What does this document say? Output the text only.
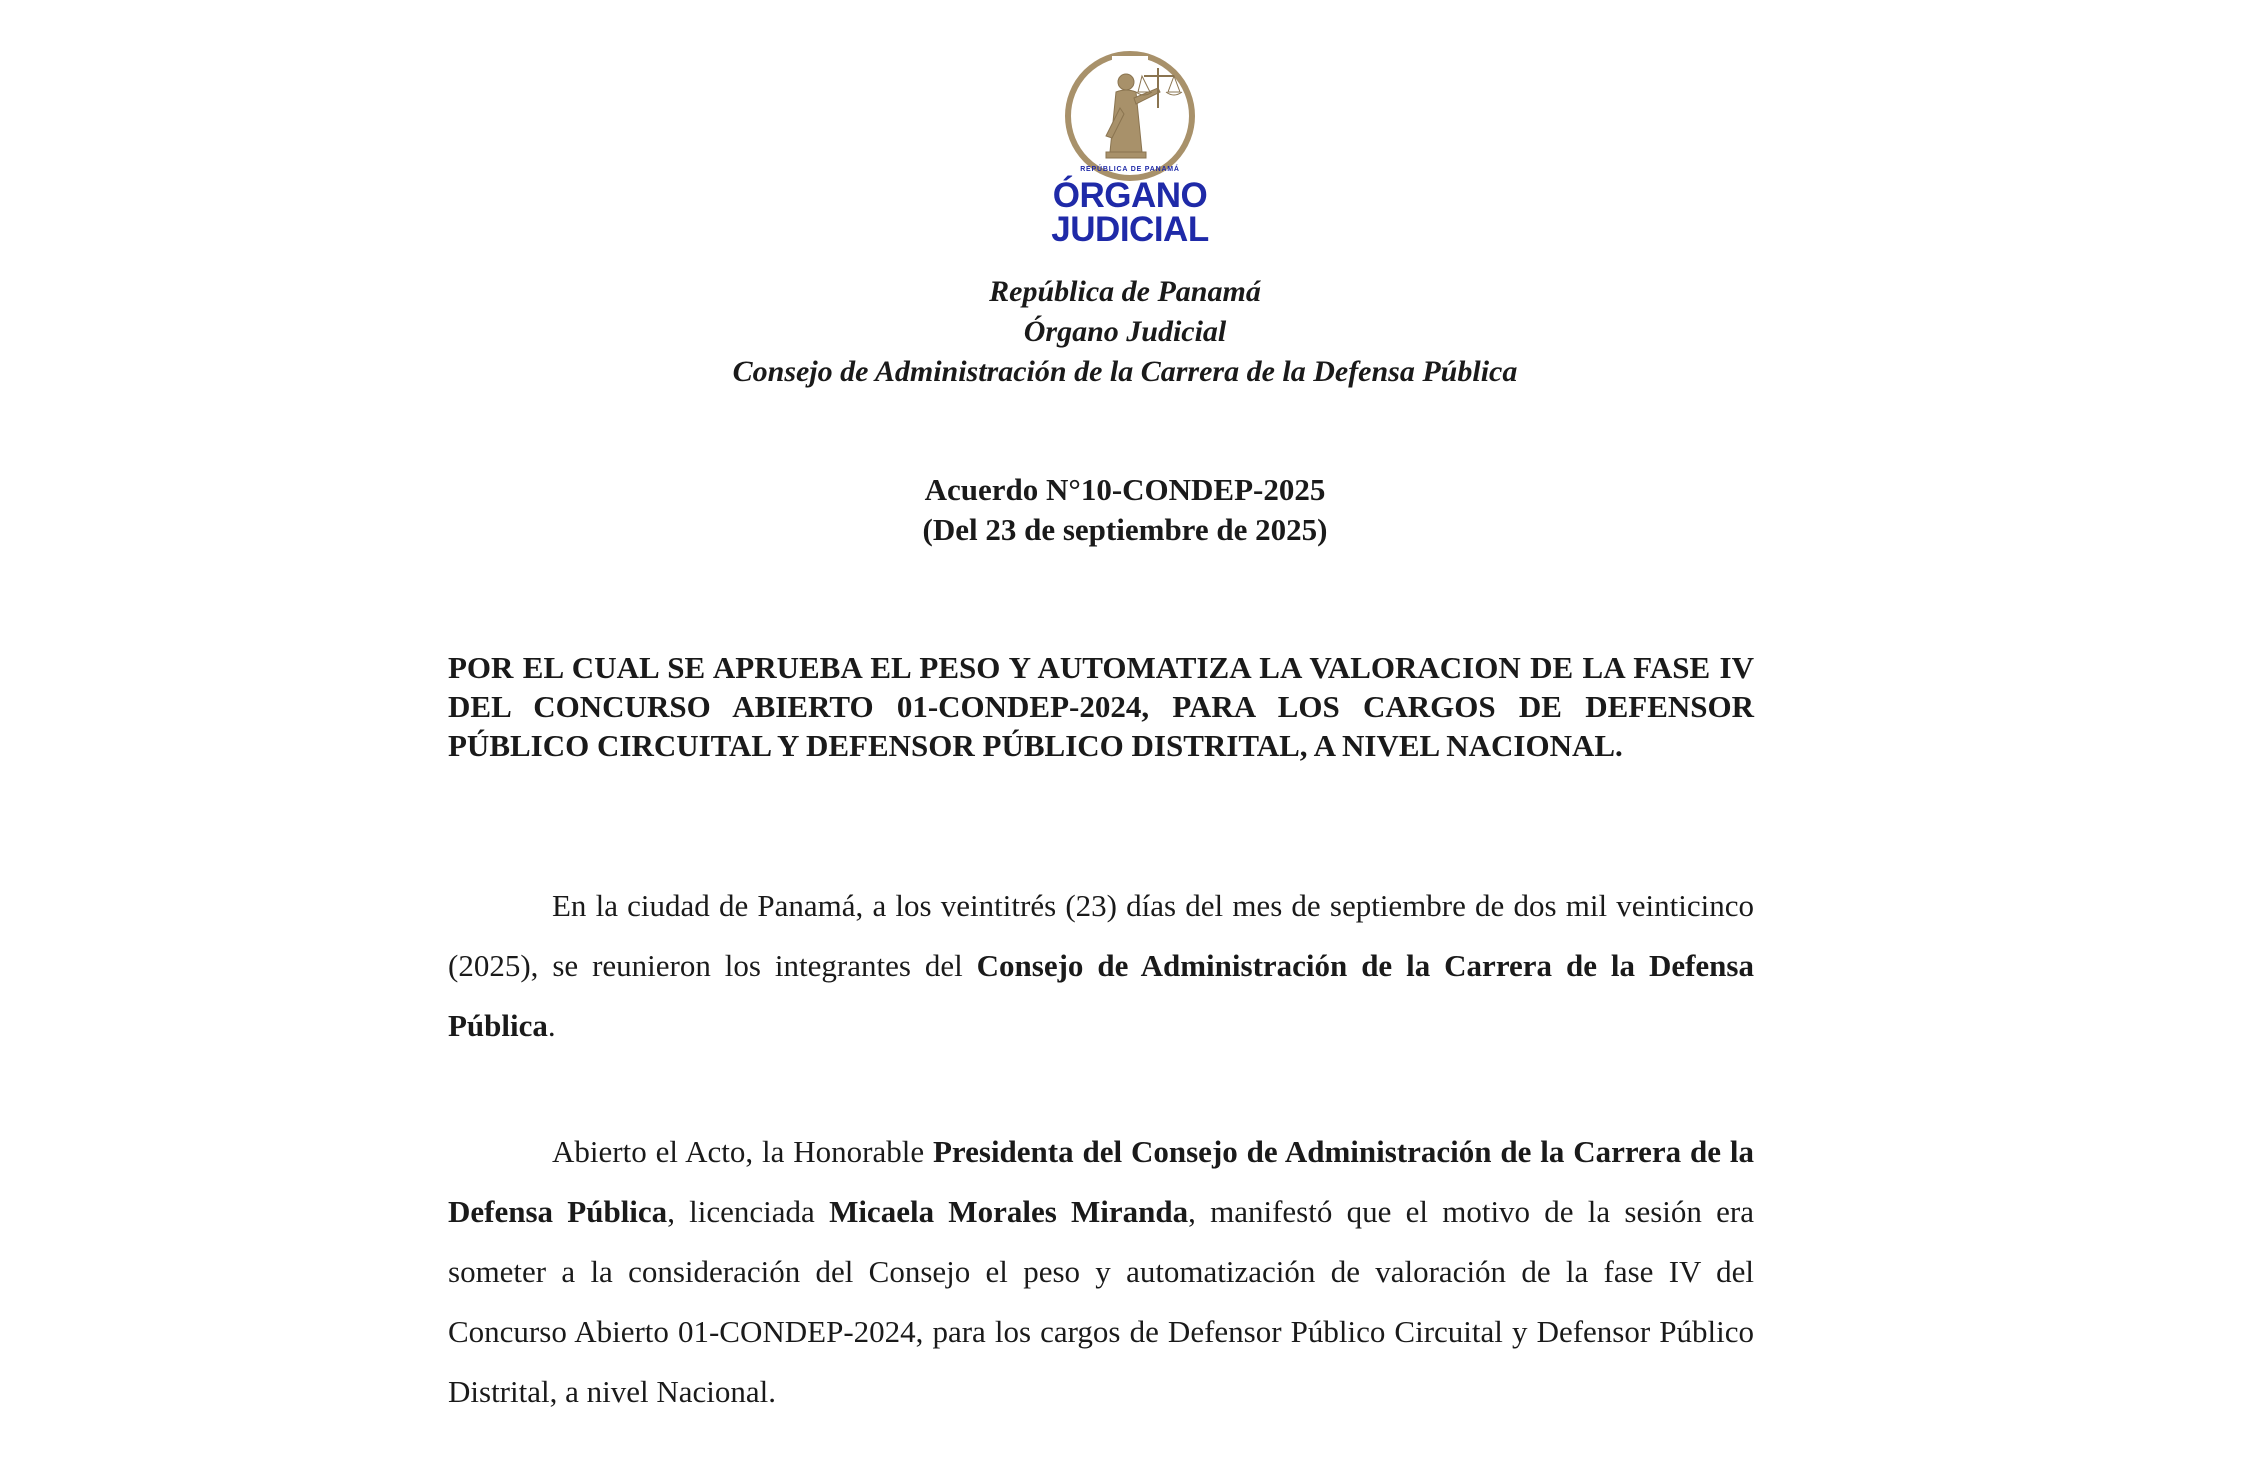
REPÚBLICA DE PANAMÁ
ÓRGANO
JUDICIAL
República de Panamá
Órgano Judicial
Consejo de Administración de la Carrera de la Defensa Pública
Acuerdo N°10-CONDEP-2025
(Del 23 de septiembre de 2025)
POR EL CUAL SE APRUEBA EL PESO Y AUTOMATIZA LA VALORACION DE LA FASE IV DEL CONCURSO ABIERTO 01-CONDEP-2024, PARA LOS CARGOS DE DEFENSOR PÚBLICO CIRCUITAL Y DEFENSOR PÚBLICO DISTRITAL, A NIVEL NACIONAL.
En la ciudad de Panamá, a los veintitrés (23) días del mes de septiembre de dos mil veinticinco (2025), se reunieron los integrantes del Consejo de Administración de la Carrera de la Defensa Pública.
Abierto el Acto, la Honorable Presidenta del Consejo de Administración de la Carrera de la Defensa Pública, licenciada Micaela Morales Miranda, manifestó que el motivo de la sesión era someter a la consideración del Consejo el peso y automatización de valoración de la fase IV del Concurso Abierto 01-CONDEP-2024, para los cargos de Defensor Público Circuital y Defensor Público Distrital, a nivel Nacional.
